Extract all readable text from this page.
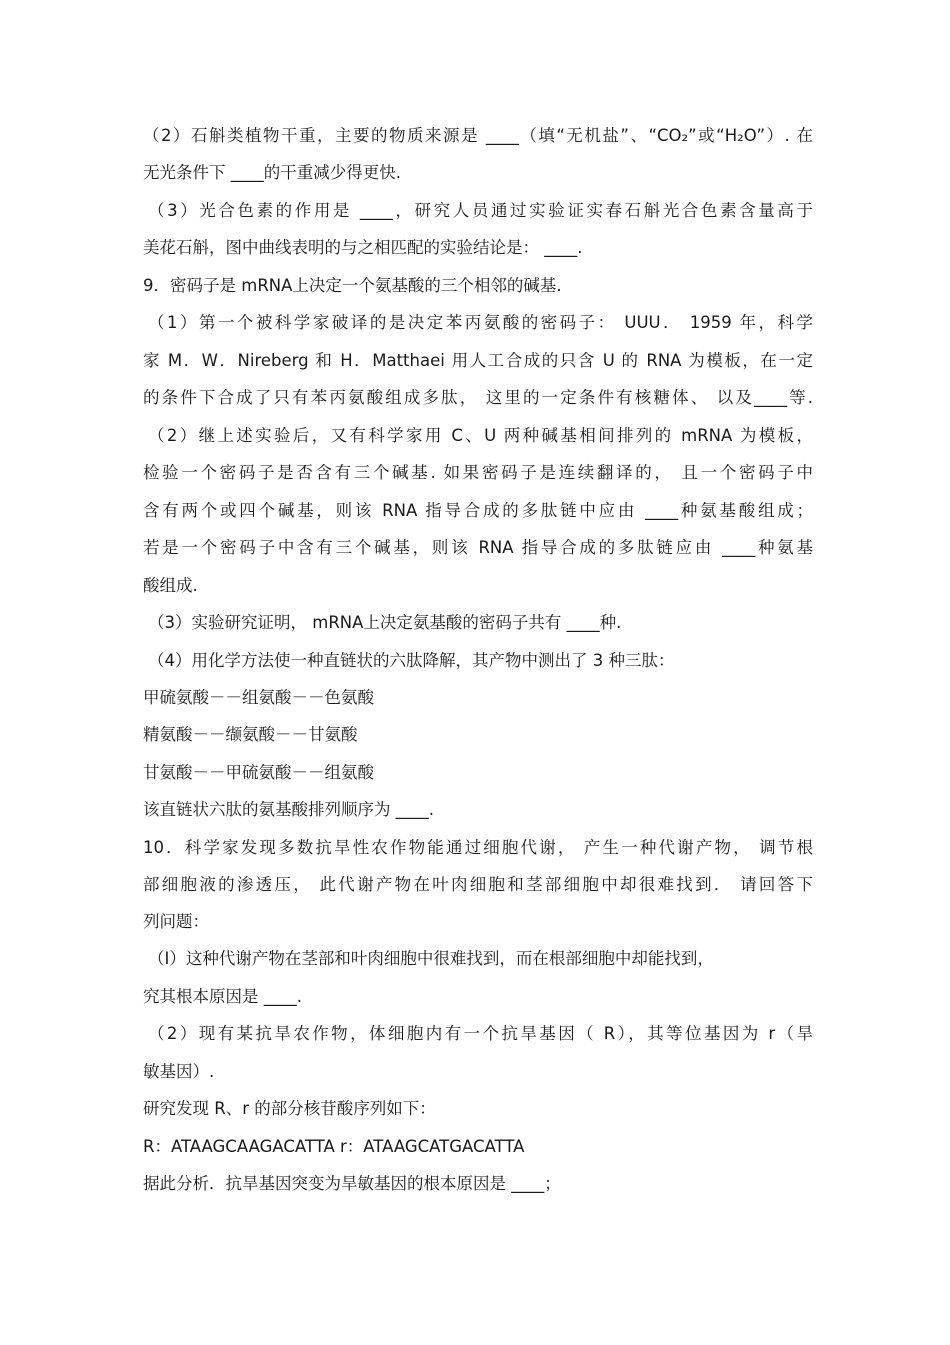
（2）石斛类植物干重，主要的物质来源是 ____（填“无机盐”、“CO₂”或“H₂O”）. 在
无光条件下 ____的干重减少得更快.
（3）光合色素的作用是 ____，研究人员通过实验证实春石斛光合色素含量高于
美花石斛，图中曲线表明的与之相匹配的实验结论是： ____.
9．密码子是 mRNA上决定一个氨基酸的三个相邻的碱基.
（1）第一个被科学家破译的是决定苯丙氨酸的密码子： UUU． 1959 年，科学
家 M．W．Nireberg 和 H．Matthaei 用人工合成的只含 U 的 RNA 为模板，在一定
的条件下合成了只有苯丙氨酸组成多肽， 这里的一定条件有核糖体、 以及____等.
（2）继上述实验后，又有科学家用 C、U 两种碱基相间排列的 mRNA 为模板，
检验一个密码子是否含有三个碱基. 如果密码子是连续翻译的， 且一个密码子中
含有两个或四个碱基，则该 RNA 指导合成的多肽链中应由 ____种氨基酸组成；
若是一个密码子中含有三个碱基，则该 RNA 指导合成的多肽链应由 ____种氨基
酸组成.
（3）实验研究证明， mRNA上决定氨基酸的密码子共有 ____种.
（4）用化学方法使一种直链状的六肽降解，其产物中测出了 3 种三肽：
甲硫氨酸－－组氨酸－－色氨酸
精氨酸－－缬氨酸－－甘氨酸
甘氨酸－－甲硫氨酸－－组氨酸
该直链状六肽的氨基酸排列顺序为 ____.
10．科学家发现多数抗旱性农作物能通过细胞代谢， 产生一种代谢产物， 调节根
部细胞液的渗透压， 此代谢产物在叶肉细胞和茎部细胞中却很难找到． 请回答下
列问题：
（I）这种代谢产物在茎部和叶肉细胞中很难找到，而在根部细胞中却能找到，
究其根本原因是 ____.
（2）现有某抗旱农作物，体细胞内有一个抗旱基因（ R），其等位基因为 r（旱
敏基因）.
研究发现 R、r 的部分核苷酸序列如下：
R：ATAAGCAAGACATTA r：ATAAGCATGACATTA
据此分析．抗旱基因突变为旱敏基因的根本原因是 ____；
